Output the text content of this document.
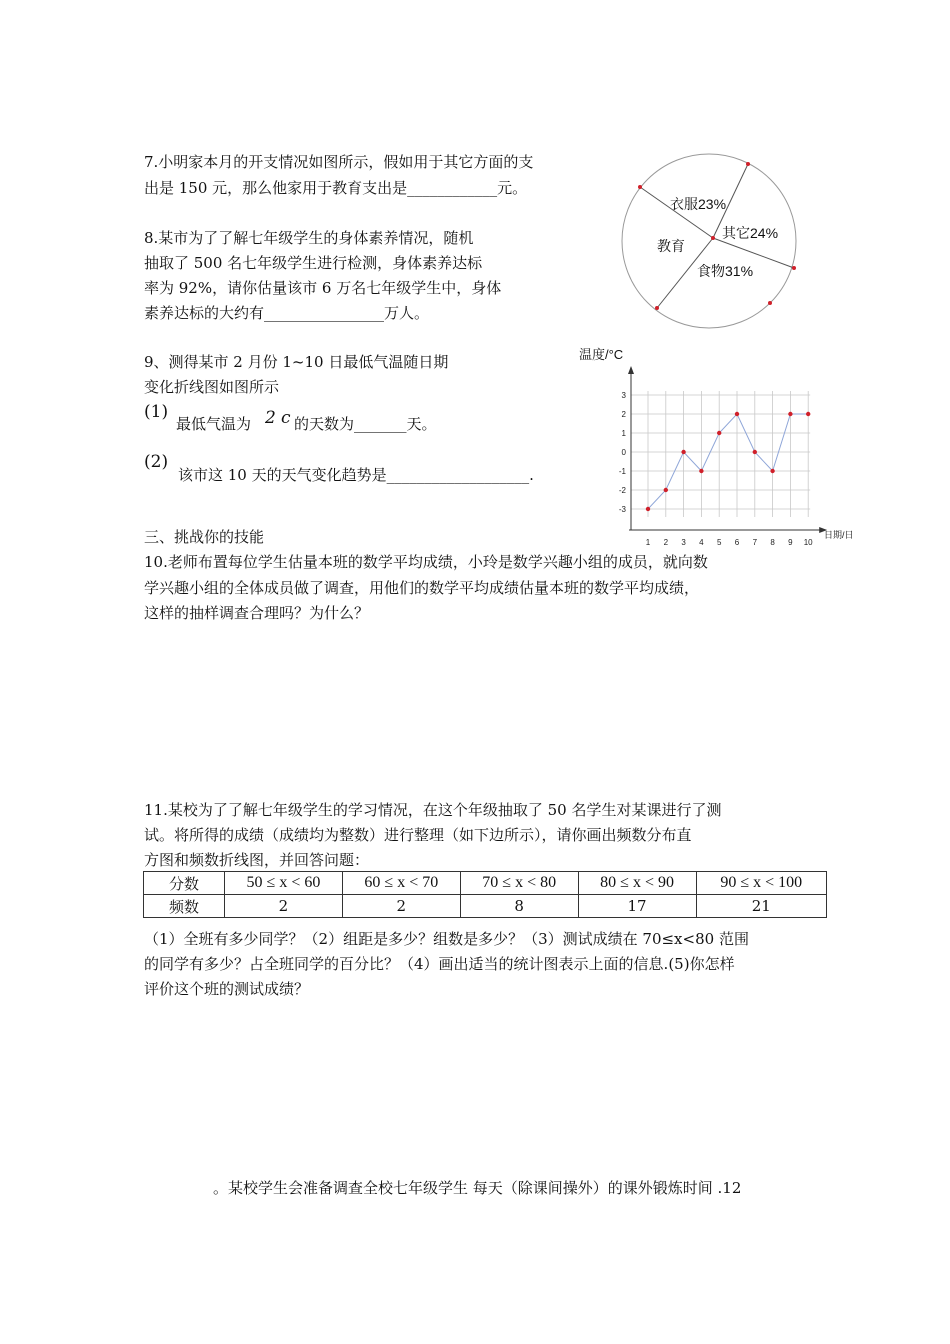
7.小明家本月的开支情况如图所示，假如用于其它方面的支
出是 150 元，那么他家用于教育支出是____________元。
8.某市为了了解七年级学生的身体素养情况，随机
抽取了 500 名七年级学生进行检测，身体素养达标
率为 92%，请你估量该市 6 万名七年级学生中，身体
素养达标的大约有________________万人。
衣服23%
其它24%
食物31%
教育
9、测得某市 2 月份 1~10 日最低气温随日期
变化折线图如图所示
(1)
最低气温为 2 c 的天数为_______天。
(2)
该市这 10 天的天气变化趋势是___________________.
温度/°C
日期/日
3
2
1
0
-1
-2
-3
1 2 3 4 5 6 7 8 9 10
三、挑战你的技能
10.老师布置每位学生估量本班的数学平均成绩，小玲是数学兴趣小组的成员，就向数
学兴趣小组的全体成员做了调查，用他们的数学平均成绩估量本班的数学平均成绩，
这样的抽样调查合理吗？为什么？
11.某校为了了解七年级学生的学习情况，在这个年级抽取了 50 名学生对某课进行了测
试。将所得的成绩（成绩均为整数）进行整理（如下边所示），请你画出频数分布直
方图和频数折线图，并回答问题：
分数	50 ≤ x < 60	60 ≤ x < 70	70 ≤ x < 80	80 ≤ x < 90	90 ≤ x < 100
频数	2	2	8	17	21
（1）全班有多少同学？（2）组距是多少？组数是多少？（3）测试成绩在 70≤x<80 范围
的同学有多少？占全班同学的百分比？（4）画出适当的统计图表示上面的信息.(5)你怎样
评价这个班的测试成绩？
。某校学生会准备调查全校七年级学生 每天（除课间操外）的课外锻炼时间 .12
